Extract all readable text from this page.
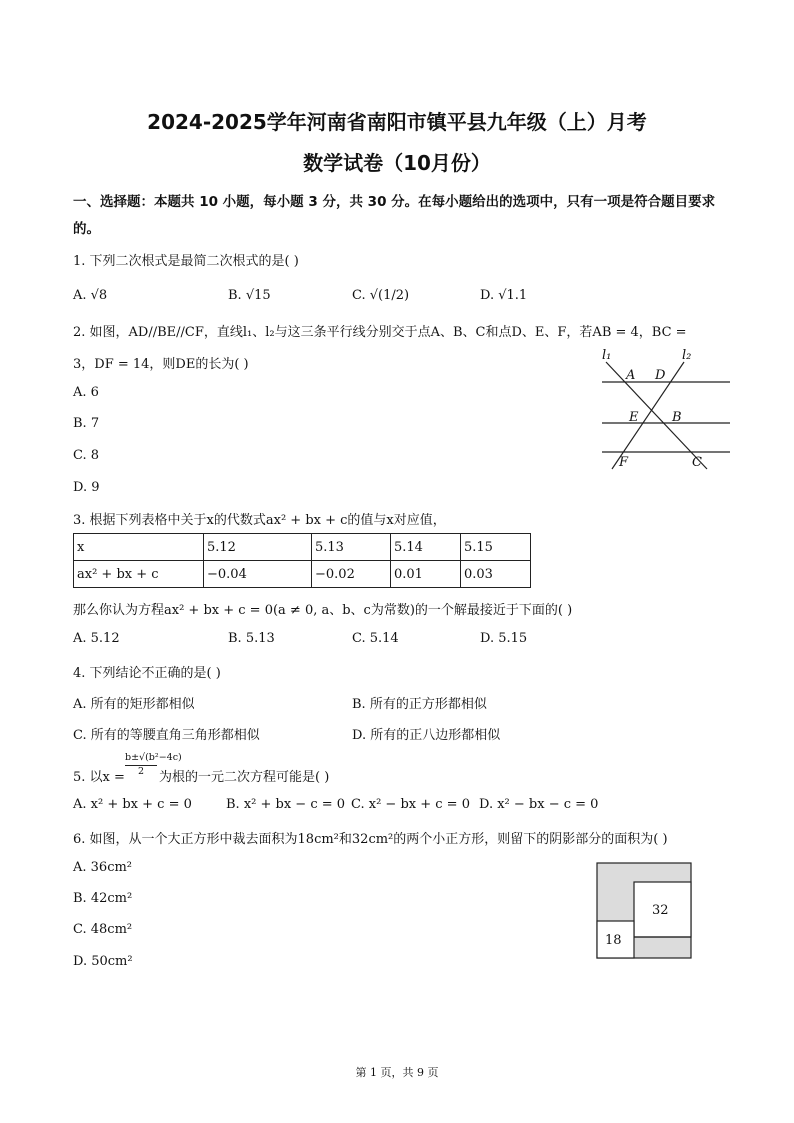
2024-2025学年河南省南阳市镇平县九年级（上）月考
数学试卷（10月份）
一、选择题：本题共 10 小题，每小题 3 分，共 30 分。在每小题给出的选项中，只有一项是符合题目要求
的。
1. 下列二次根式是最简二次根式的是( )
A. √8	B. √15	C. √(1/2)	D. √1.1
2. 如图，AD//BE//CF，直线l₁、l₂与这三条平行线分别交于点A、B、C和点D、E、F，若AB = 4，BC =
3，DF = 14，则DE的长为( )
A. 6
B. 7
C. 8
D. 9
l₁	l₂
A D
E	B
F	C
3. 根据下列表格中关于x的代数式ax² + bx + c的值与x对应值，
x	5.12	5.13	5.14	5.15
ax² + bx + c	−0.04	−0.02	0.01	0.03
那么你认为方程ax² + bx + c = 0(a ≠ 0, a、b、c为常数)的一个解最接近于下面的( )
A. 5.12	B. 5.13	C. 5.14	D. 5.15
4. 下列结论不正确的是( )
A. 所有的矩形都相似	B. 所有的正方形都相似
C. 所有的等腰直角三角形都相似	D. 所有的正八边形都相似
5. 以$x = \frac{\text{b±√(b²−4c)}}{2}$ 为根的一元二次方程可能是( )
A. x² + bx + c = 0	B. x² + bx − c = 0 C. x² − bx + c = 0 D. x² − bx − c = 0
6. 如图，从一个大正方形中裁去面积为18cm²和32cm²的两个小正方形，则留下的阴影部分的面积为( )
A. 36cm²
B. 42cm²
C. 48cm²
D. 50cm²
32
18
第 1 页，共 9 页
